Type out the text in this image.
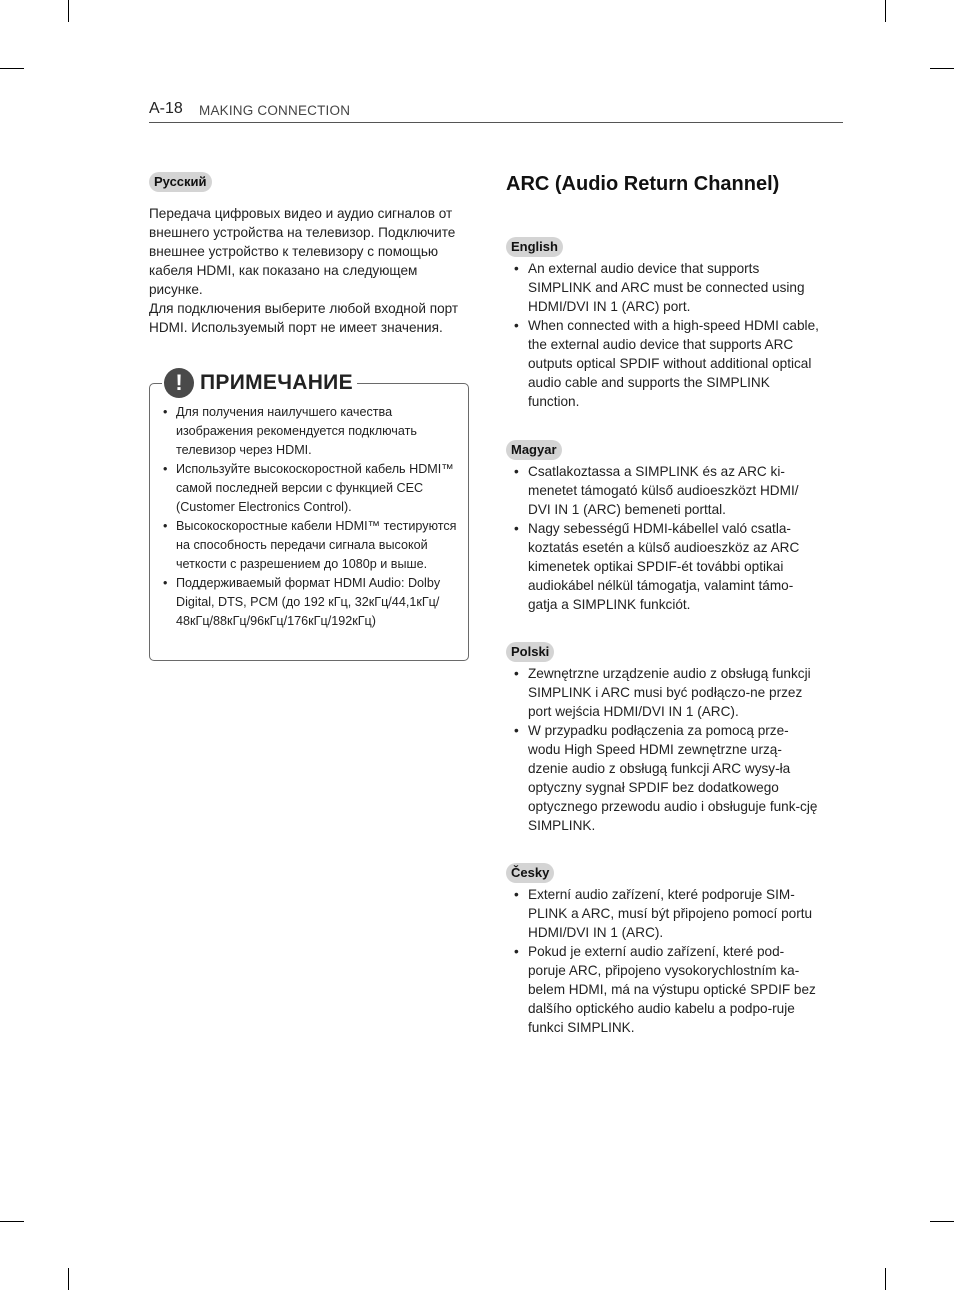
A-18 MAKING CONNECTION
Русский

Передача цифровых видео и аудио сигналов от внешнего устройства на телевизор. Подключите внешнее устройство к телевизору с помощью кабеля HDMI, как показано на следующем рисунке.

Для подключения выберите любой входной порт HDMI. Используемый порт не имеет значения.

! ПРИМЕЧАНИЕ
• Для получения наилучшего качества изображения рекомендуется подключать телевизор через HDMI.
• Используйте высокоскоростной кабель HDMI™ самой последней версии с функцией CEC (Customer Electronics Control).
• Высокоскоростные кабели HDMI™ тестируются на способность передачи сигнала высокой четкости с разрешением до 1080p и выше.
• Поддерживаемый формат HDMI Audio: Dolby Digital, DTS, PCM (до 192 кГц, 32кГц/44,1кГц/ 48кГц/88кГц/96кГц/176кГц/192кГц)
ARC (Audio Return Channel)
English
• An external audio device that supports SIMPLINK and ARC must be connected using HDMI/DVI IN 1 (ARC) port.
• When connected with a high-speed HDMI cable, the external audio device that supports ARC outputs optical SPDIF without additional optical audio cable and supports the SIMPLINK function.
Magyar
• Csatlakoztassa a SIMPLINK és az ARC ki-menetet támogató külső audioeszközt HDMI/ DVI IN 1 (ARC) bemeneti porttal.
• Nagy sebességű HDMI-kábellel való csatla-koztatás esetén a külső audioeszköz az ARC kimenetek optikai SPDIF-ét további optikai audiokábel nélkül támogatja, valamint támo-gatja a SIMPLINK funkciót.
Polski
• Zewnętrzne urządzenie audio z obsługą funkcji SIMPLINK i ARC musi być podłączo-ne przez port wejścia HDMI/DVI IN 1 (ARC).
• W przypadku podłączenia za pomocą prze-wodu High Speed HDMI zewnętrzne urzą-dzenie audio z obsługą funkcji ARC wysy-ła optyczny sygnał SPDIF bez dodatkowego optycznego przewodu audio i obsługuje funk-cję SIMPLINK.
Česky
• Externí audio zařízení, které podporuje SIM-PLINK a ARC, musí být připojeno pomocí portu HDMI/DVI IN 1 (ARC).
• Pokud je externí audio zařízení, které pod-poruje ARC, připojeno vysokorychlostním ka-belem HDMI, má na výstupu optické SPDIF bez dalšího optického audio kabelu a podpo-ruje funkci SIMPLINK.
